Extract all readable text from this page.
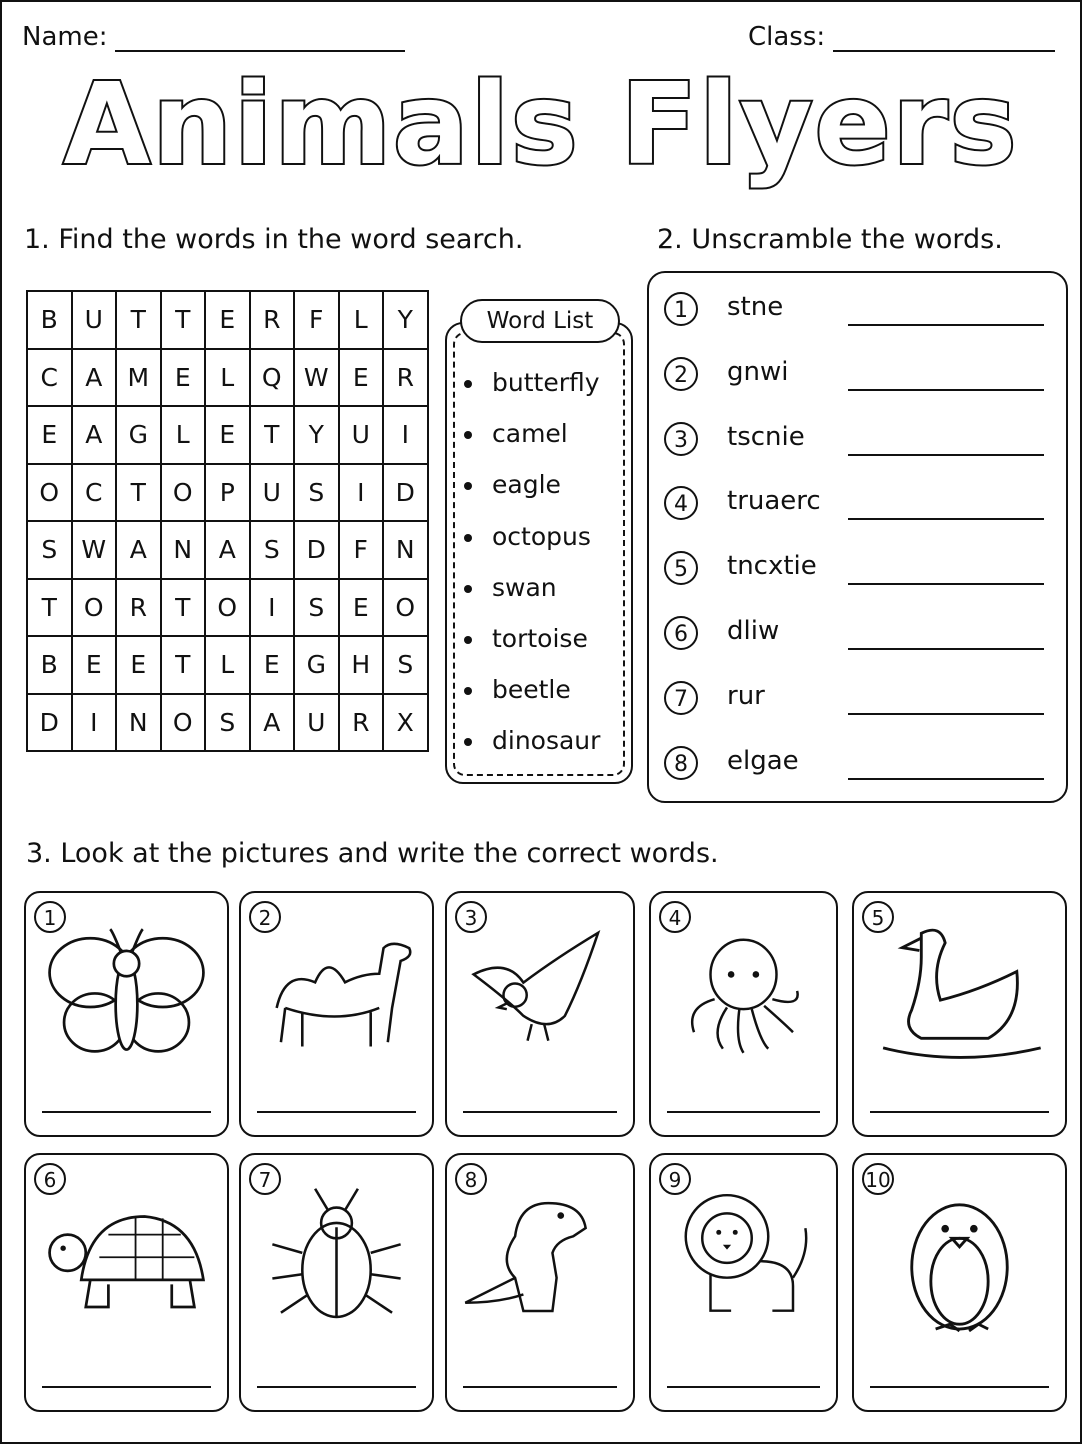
Name:	Class:
Animals Flyers
1. Find the words in the word search.	2. Unscramble the words.
B	U	T	T	E	R	F	L	Y
C	A	M	E	L	Q	W	E	R
E	A	G	L	E	T	Y	U	I
O	C	T	O	P	U	S	I	D
S	W	A	N	A	S	D	F	N
T	O	R	T	O	I	S	E	O
B	E	E	T	L	E	G	H	S
D	I	N	O	S	A	U	R	X
Word List
butterfly
camel
eagle
octopus
swan
tortoise
beetle
dinosaur
1 stne
2 gnwi
3 tscnie
4 truaerc
5 tncxtie
6 dliw
7 rur
8 elgae
3. Look at the pictures and write the correct words.
1	2	3	4	5
6	7	8	9	10
